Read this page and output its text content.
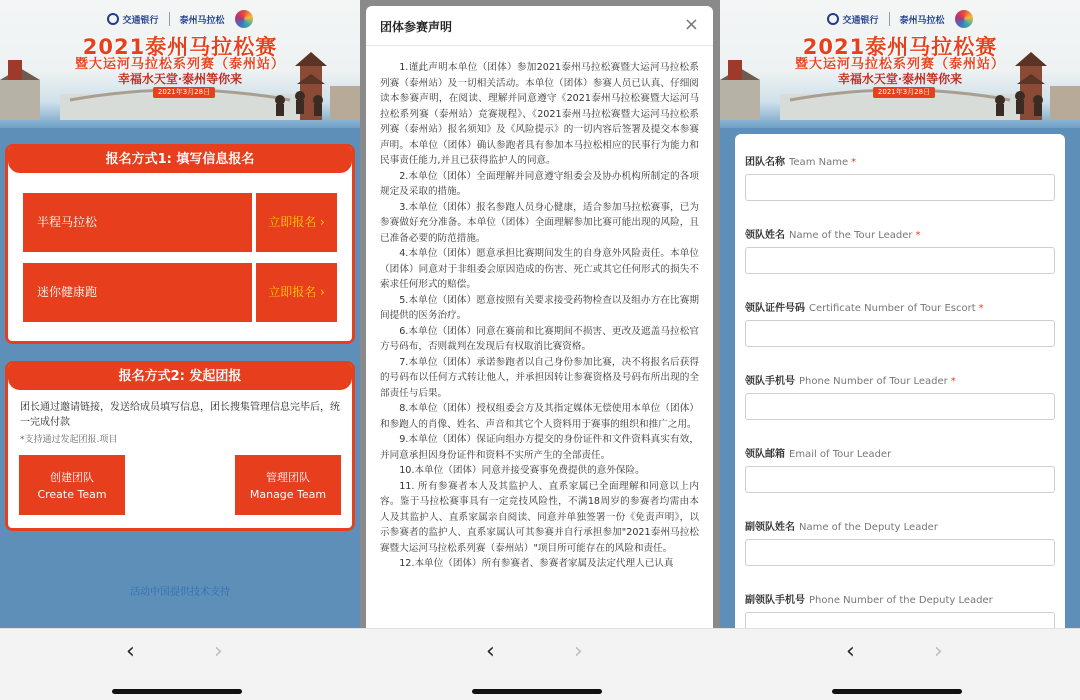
交通银行 泰州马拉松
2021泰州马拉松赛
暨大运河马拉松系列赛（泰州站）
幸福水天堂·泰州等你来
2021年3月28日
报名方式1: 填写信息报名
半程马拉松	立即报名 ›
迷你健康跑	立即报名 ›
报名方式2: 发起团报
团长通过邀请链接，发送给成员填写信息，团长搜集管理信息完毕后，统一完成付款
*支持通过发起团报.项目
创建团队
Create Team
管理团队
Manage Team
活动中国提供技术支持
‹	›
团体参赛声明	×

1.谨此声明本单位（团体）参加2021泰州马拉松赛暨大运河马拉松系列赛（泰州站）及一切相关活动。本单位（团体）参赛人员已认真、仔细阅读本参赛声明，在阅读、理解并同意遵守《2021泰州马拉松赛暨大运河马拉松系列赛（泰州站）竞赛规程》、《2021泰州马拉松赛暨大运河马拉松系列赛（泰州站）报名须知》及《风险提示》的一切内容后签署及提交本参赛声明。本单位（团体）确认参跑者具有参加本马拉松相应的民事行为能力和民事责任能力,并且已获得监护人的同意。

2.本单位（团体）全面理解并同意遵守组委会及协办机构所制定的各项规定及采取的措施。

3.本单位（团体）报名参跑人员身心健康，适合参加马拉松赛事，已为参赛做好充分准备。本单位（团体）全面理解参加比赛可能出现的风险，且已准备必要的防范措施。

4.本单位（团体）愿意承担比赛期间发生的自身意外风险责任。本单位（团体）同意对于非组委会原因造成的伤害、死亡或其它任何形式的损失不索求任何形式的赔偿。

5.本单位（团体）愿意按照有关要求接受药物检查以及组办方在比赛期间提供的医务治疗。

6.本单位（团体）同意在赛前和比赛期间不损害、更改及遮盖马拉松官方号码布，否则裁判在发现后有权取消比赛资格。

7.本单位（团体）承诺参跑者以自己身份参加比赛，决不将报名后获得的号码布以任何方式转让他人，并承担因转让参赛资格及号码布所出现的全部责任与后果。

8.本单位（团体）授权组委会方及其指定媒体无偿使用本单位（团体）和参跑人的肖像、姓名、声音和其它个人资料用于赛事的组织和推广之用。

9.本单位（团体）保证向组办方提交的身份证件和文件资料真实有效，并同意承担因身份证件和资料不实所产生的全部责任。

10.本单位（团体）同意并接受赛事免费提供的意外保险。

11. 所有参赛者本人及其监护人、直系家属已全面理解和同意以上内容。鉴于马拉松赛事具有一定竞技风险性，不满18周岁的参赛者均需由本人及其监护人、直系家属亲自阅读、同意并单独签署一份《免责声明》，以示参赛者的监护人、直系家属认可其参赛并自行承担参加"2021泰州马拉松赛暨大运河马拉松系列赛（泰州站）"项目所可能存在的风险和责任。

12.本单位（团体）所有参赛者、参赛者家属及法定代理人已认真

‹	›
交通银行 泰州马拉松
2021泰州马拉松赛
暨大运河马拉松系列赛（泰州站）
幸福水天堂·泰州等你来
2021年3月28日
团队名称 Team Name *
领队姓名 Name of the Tour Leader *
领队证件号码 Certificate Number of Tour Escort *
领队手机号 Phone Number of Tour Leader *
领队邮箱 Email of Tour Leader
副领队姓名 Name of the Deputy Leader
副领队手机号 Phone Number of the Deputy Leader
‹	›
